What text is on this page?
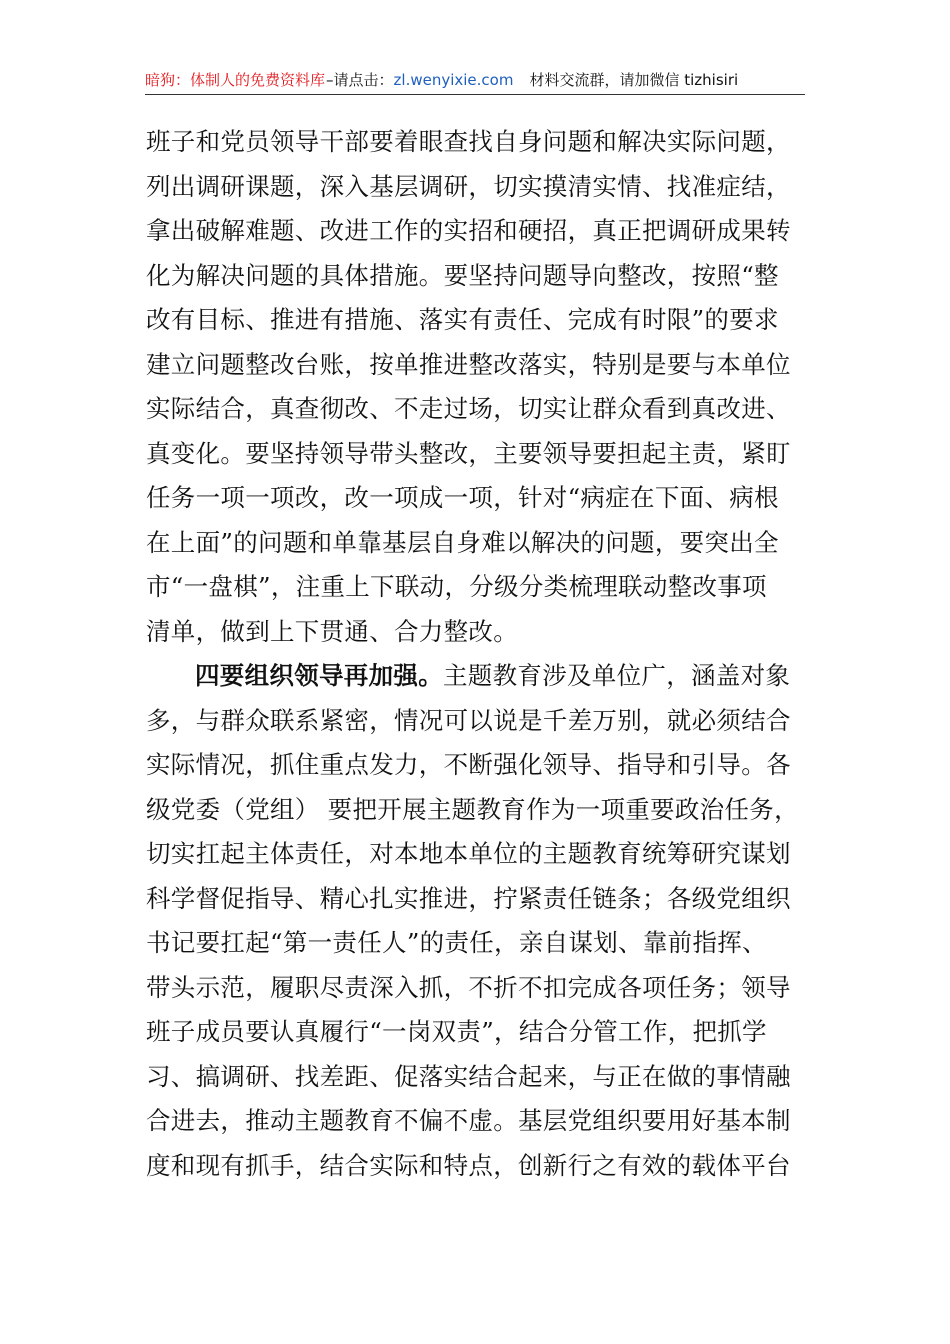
暗狗：体制人的免费资料库–请点击：zl.wenyixie.com 材料交流群，请加微信 tizhisiri
班子和党员领导干部要着眼查找自身问题和解决实际问题，
列出调研课题，深入基层调研，切实摸清实情、找准症结，
拿出破解难题、改进工作的实招和硬招，真正把调研成果转
化为解决问题的具体措施。要坚持问题导向整改，按照“整
改有目标、推进有措施、落实有责任、完成有时限”的要求
建立问题整改台账，按单推进整改落实，特别是要与本单位
实际结合，真查彻改、不走过场，切实让群众看到真改进、
真变化。要坚持领导带头整改，主要领导要担起主责，紧盯
任务一项一项改，改一项成一项，针对“病症在下面、病根
在上面”的问题和单靠基层自身难以解决的问题，要突出全
市“一盘棋”，注重上下联动，分级分类梳理联动整改事项
清单，做到上下贯通、合力整改。
四要组织领导再加强。主题教育涉及单位广，涵盖对象
多，与群众联系紧密，情况可以说是千差万别，就必须结合
实际情况，抓住重点发力，不断强化领导、指导和引导。各
级党委（党组） 要把开展主题教育作为一项重要政治任务，
切实扛起主体责任，对本地本单位的主题教育统筹研究谋划
科学督促指导、精心扎实推进，拧紧责任链条；各级党组织
书记要扛起“第一责任人”的责任，亲自谋划、靠前指挥、
带头示范，履职尽责深入抓，不折不扣完成各项任务；领导
班子成员要认真履行“一岗双责”，结合分管工作，把抓学
习、搞调研、找差距、促落实结合起来，与正在做的事情融
合进去，推动主题教育不偏不虚。基层党组织要用好基本制
度和现有抓手，结合实际和特点，创新行之有效的载体平台
